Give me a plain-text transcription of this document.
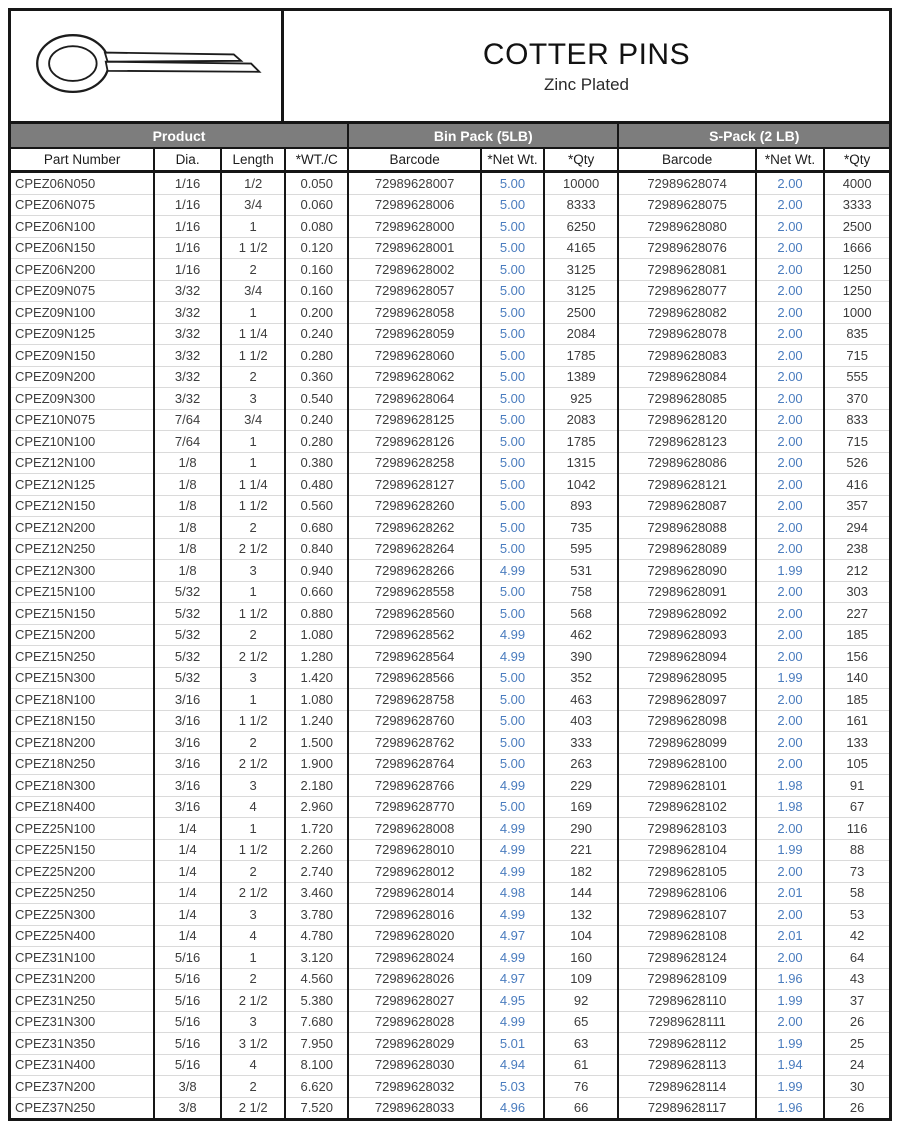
COTTER PINS
Zinc Plated
Product				Bin Pack (5LB)			S-Pack (2 LB)		
Part Number	Dia.	Length	*WT./C	Barcode	*Net Wt.	*Qty	Barcode	*Net Wt.	*Qty
CPEZ06N050	1/16	1/2	0.050	72989628007	5.00	10000	72989628074	2.00	4000
CPEZ06N075	1/16	3/4	0.060	72989628006	5.00	8333	72989628075	2.00	3333
CPEZ06N100	1/16	1	0.080	72989628000	5.00	6250	72989628080	2.00	2500
CPEZ06N150	1/16	1 1/2	0.120	72989628001	5.00	4165	72989628076	2.00	1666
CPEZ06N200	1/16	2	0.160	72989628002	5.00	3125	72989628081	2.00	1250
CPEZ09N075	3/32	3/4	0.160	72989628057	5.00	3125	72989628077	2.00	1250
CPEZ09N100	3/32	1	0.200	72989628058	5.00	2500	72989628082	2.00	1000
CPEZ09N125	3/32	1 1/4	0.240	72989628059	5.00	2084	72989628078	2.00	835
CPEZ09N150	3/32	1 1/2	0.280	72989628060	5.00	1785	72989628083	2.00	715
CPEZ09N200	3/32	2	0.360	72989628062	5.00	1389	72989628084	2.00	555
CPEZ09N300	3/32	3	0.540	72989628064	5.00	925	72989628085	2.00	370
CPEZ10N075	7/64	3/4	0.240	72989628125	5.00	2083	72989628120	2.00	833
CPEZ10N100	7/64	1	0.280	72989628126	5.00	1785	72989628123	2.00	715
CPEZ12N100	1/8	1	0.380	72989628258	5.00	1315	72989628086	2.00	526
CPEZ12N125	1/8	1 1/4	0.480	72989628127	5.00	1042	72989628121	2.00	416
CPEZ12N150	1/8	1 1/2	0.560	72989628260	5.00	893	72989628087	2.00	357
CPEZ12N200	1/8	2	0.680	72989628262	5.00	735	72989628088	2.00	294
CPEZ12N250	1/8	2 1/2	0.840	72989628264	5.00	595	72989628089	2.00	238
CPEZ12N300	1/8	3	0.940	72989628266	4.99	531	72989628090	1.99	212
CPEZ15N100	5/32	1	0.660	72989628558	5.00	758	72989628091	2.00	303
CPEZ15N150	5/32	1 1/2	0.880	72989628560	5.00	568	72989628092	2.00	227
CPEZ15N200	5/32	2	1.080	72989628562	4.99	462	72989628093	2.00	185
CPEZ15N250	5/32	2 1/2	1.280	72989628564	4.99	390	72989628094	2.00	156
CPEZ15N300	5/32	3	1.420	72989628566	5.00	352	72989628095	1.99	140
CPEZ18N100	3/16	1	1.080	72989628758	5.00	463	72989628097	2.00	185
CPEZ18N150	3/16	1 1/2	1.240	72989628760	5.00	403	72989628098	2.00	161
CPEZ18N200	3/16	2	1.500	72989628762	5.00	333	72989628099	2.00	133
CPEZ18N250	3/16	2 1/2	1.900	72989628764	5.00	263	72989628100	2.00	105
CPEZ18N300	3/16	3	2.180	72989628766	4.99	229	72989628101	1.98	91
CPEZ18N400	3/16	4	2.960	72989628770	5.00	169	72989628102	1.98	67
CPEZ25N100	1/4	1	1.720	72989628008	4.99	290	72989628103	2.00	116
CPEZ25N150	1/4	1 1/2	2.260	72989628010	4.99	221	72989628104	1.99	88
CPEZ25N200	1/4	2	2.740	72989628012	4.99	182	72989628105	2.00	73
CPEZ25N250	1/4	2 1/2	3.460	72989628014	4.98	144	72989628106	2.01	58
CPEZ25N300	1/4	3	3.780	72989628016	4.99	132	72989628107	2.00	53
CPEZ25N400	1/4	4	4.780	72989628020	4.97	104	72989628108	2.01	42
CPEZ31N100	5/16	1	3.120	72989628024	4.99	160	72989628124	2.00	64
CPEZ31N200	5/16	2	4.560	72989628026	4.97	109	72989628109	1.96	43
CPEZ31N250	5/16	2 1/2	5.380	72989628027	4.95	92	72989628110	1.99	37
CPEZ31N300	5/16	3	7.680	72989628028	4.99	65	72989628111	2.00	26
CPEZ31N350	5/16	3 1/2	7.950	72989628029	5.01	63	72989628112	1.99	25
CPEZ31N400	5/16	4	8.100	72989628030	4.94	61	72989628113	1.94	24
CPEZ37N200	3/8	2	6.620	72989628032	5.03	76	72989628114	1.99	30
CPEZ37N250	3/8	2 1/2	7.520	72989628033	4.96	66	72989628117	1.96	26
